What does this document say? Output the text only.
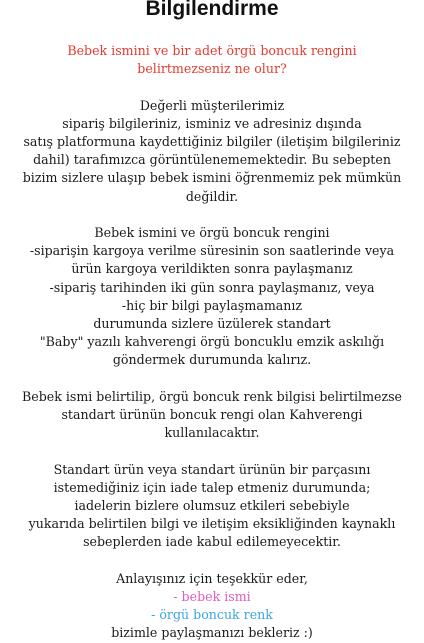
Bilgilendirme
Bebek ismini ve bir adet örgü boncuk rengini
belirtmezseniz ne olur?
Değerli müşterilerimiz
sipariş bilgileriniz, isminiz ve adresiniz dışında
satış platformuna kaydettiğiniz bilgiler (iletişim bilgileriniz
dahil) tarafımızca görüntülenememektedir. Bu sebepten
bizim sizlere ulaşıp bebek ismini öğrenmemiz pek mümkün
değildir.
Bebek ismini ve örgü boncuk rengini
-siparişin kargoya verilme süresinin son saatlerinde veya
ürün kargoya verildikten sonra paylaşmanız
-sipariş tarihinden iki gün sonra paylaşmanız, veya
-hiç bir bilgi paylaşmamanız
durumunda sizlere üzülerek standart
"Baby" yazılı kahverengi örgü boncuklu emzik askılığı
göndermek durumunda kalırız.
Bebek ismi belirtilip, örgü boncuk renk bilgisi belirtilmezse
standart ürünün boncuk rengi olan Kahverengi
kullanılacaktır.
Standart ürün veya standart ürünün bir parçasını
istemediğiniz için iade talep etmeniz durumunda;
iadelerin bizlere olumsuz etkileri sebebiyle
yukarıda belirtilen bilgi ve iletişim eksikliğinden kaynaklı
sebeplerden iade kabul edilemeyecektir.
Anlayışınız için teşekkür eder,
- bebek ismi
- örgü boncuk renk
bizimle paylaşmanızı bekleriz :)
